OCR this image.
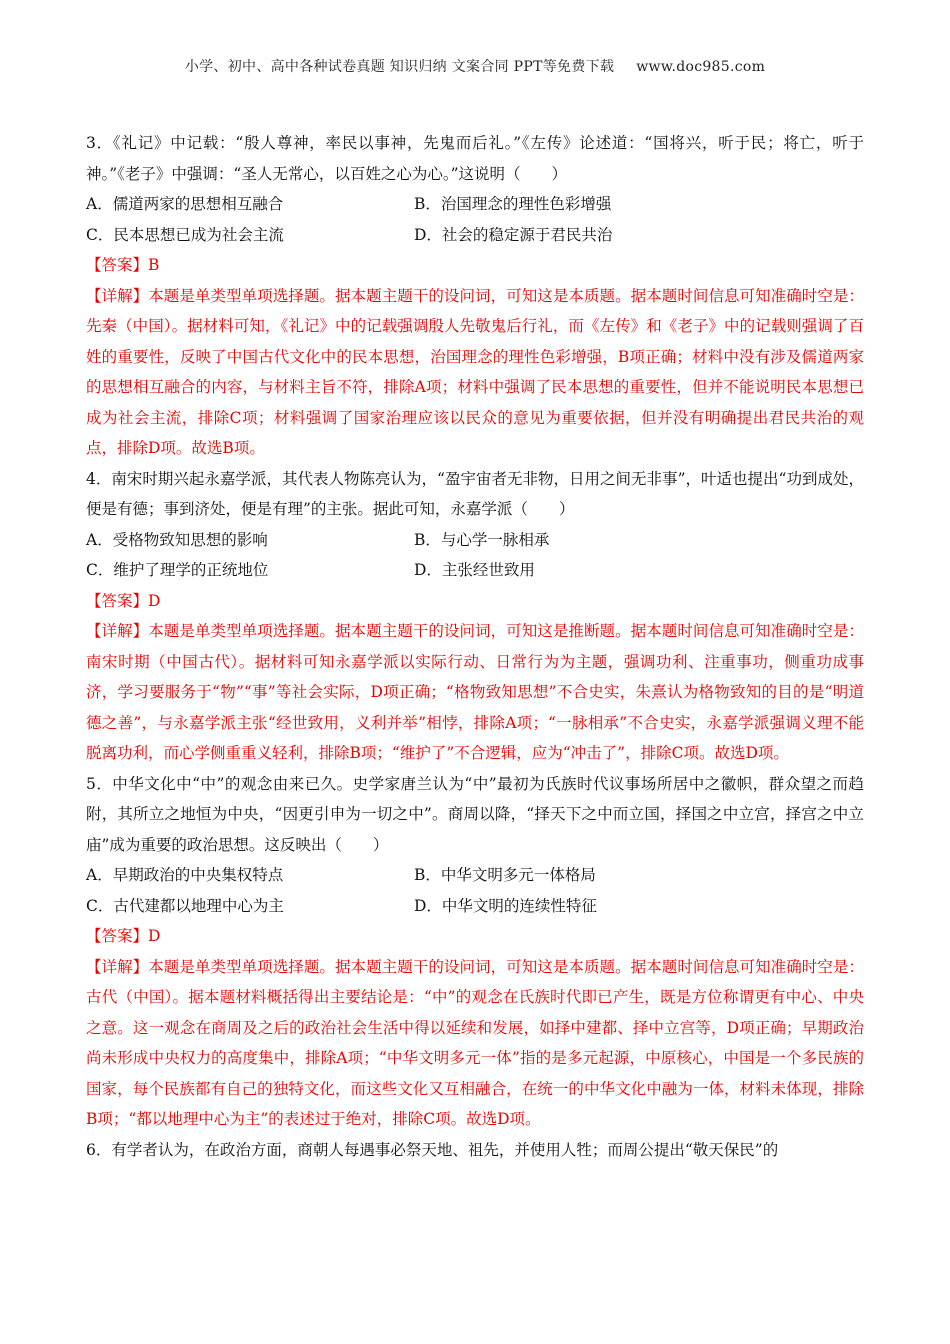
小学、初中、高中各种试卷真题 知识归纳 文案合同 PPT等免费下载 www.doc985.com

3．《礼记》中记载：“殷人尊神，率民以事神，先鬼而后礼。”《左传》论述道：“国将兴，听于民；将亡，听于神。”《老子》中强调：“圣人无常心，以百姓之心为心。”这说明（　　）

A．儒道两家的思想相互融合	B．治国理念的理性色彩增强
C．民本思想已成为社会主流	D．社会的稳定源于君民共治

【答案】B

【详解】本题是单类型单项选择题。据本题主题干的设问词，可知这是本质题。据本题时间信息可知准确时空是：先秦（中国）。据材料可知，《礼记》中的记载强调殷人先敬鬼后行礼，而《左传》和《老子》中的记载则强调了百姓的重要性，反映了中国古代文化中的民本思想，治国理念的理性色彩增强，B项正确；材料中没有涉及儒道两家的思想相互融合的内容，与材料主旨不符，排除A项；材料中强调了民本思想的重要性，但并不能说明民本思想已成为社会主流，排除C项；材料强调了国家治理应该以民众的意见为重要依据，但并没有明确提出君民共治的观点，排除D项。故选B项。

4．南宋时期兴起永嘉学派，其代表人物陈亮认为，“盈宇宙者无非物，日用之间无非事”，叶适也提出“功到成处，便是有德；事到济处，便是有理”的主张。据此可知，永嘉学派（　　）

A．受格物致知思想的影响	B．与心学一脉相承
C．维护了理学的正统地位	D．主张经世致用

【答案】D

【详解】本题是单类型单项选择题。据本题主题干的设问词，可知这是推断题。据本题时间信息可知准确时空是：南宋时期（中国古代）。据材料可知永嘉学派以实际行动、日常行为为主题，强调功利、注重事功，侧重功成事济，学习要服务于“物”“事”等社会实际，D项正确；“格物致知思想”不合史实，朱熹认为格物致知的目的是“明道德之善”，与永嘉学派主张“经世致用，义利并举”相悖，排除A项；“一脉相承”不合史实，永嘉学派强调义理不能脱离功利，而心学侧重重义轻利，排除B项；“维护了”不合逻辑，应为“冲击了”，排除C项。故选D项。

5．中华文化中“中”的观念由来已久。史学家唐兰认为“中”最初为氏族时代议事场所居中之徽帜，群众望之而趋附，其所立之地恒为中央，“因更引申为一切之中”。商周以降，“择天下之中而立国，择国之中立宫，择宫之中立庙”成为重要的政治思想。这反映出（　　）

A．早期政治的中央集权特点	B．中华文明多元一体格局
C．古代建都以地理中心为主	D．中华文明的连续性特征

【答案】D

【详解】本题是单类型单项选择题。据本题主题干的设问词，可知这是本质题。据本题时间信息可知准确时空是：古代（中国）。据本题材料概括得出主要结论是：“中”的观念在氏族时代即已产生，既是方位称谓更有中心、中央之意。这一观念在商周及之后的政治社会生活中得以延续和发展，如择中建都、择中立宫等，D项正确；早期政治尚未形成中央权力的高度集中，排除A项；“中华文明多元一体”指的是多元起源，中原核心，中国是一个多民族的国家，每个民族都有自己的独特文化，而这些文化又互相融合，在统一的中华文化中融为一体，材料未体现，排除B项；“都以地理中心为主”的表述过于绝对，排除C项。故选D项。

6．有学者认为，在政治方面，商朝人每遇事必祭天地、祖先，并使用人牲；而周公提出“敬天保民”的
